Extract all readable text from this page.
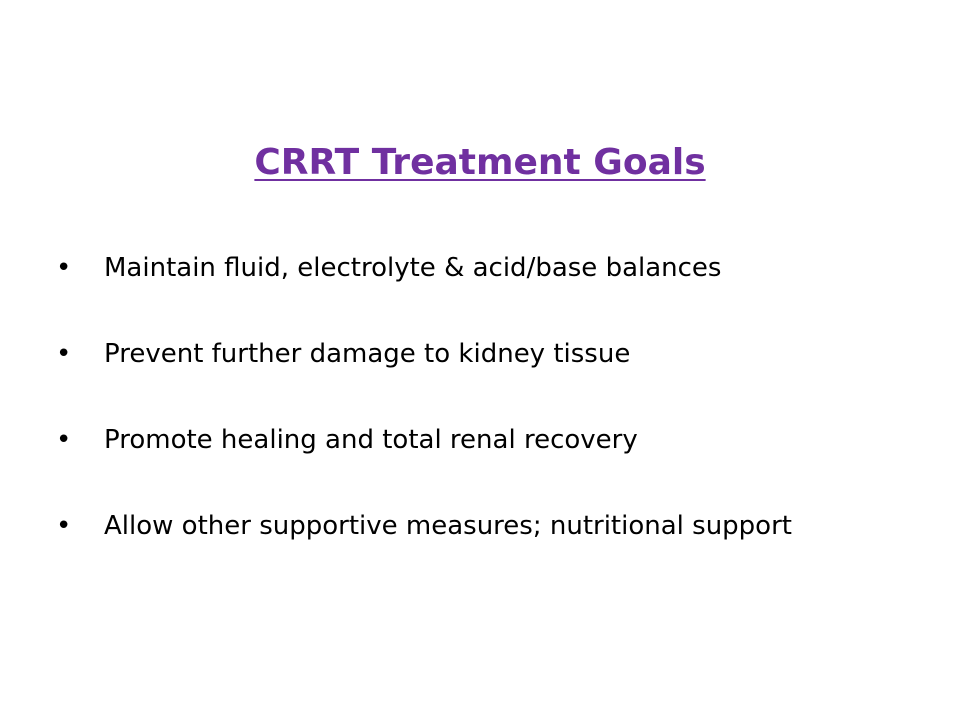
CRRT Treatment Goals
•	Maintain fluid, electrolyte & acid/base balances
•	Prevent further damage to kidney tissue
•	Promote healing and total renal recovery
•	Allow other supportive measures; nutritional support
